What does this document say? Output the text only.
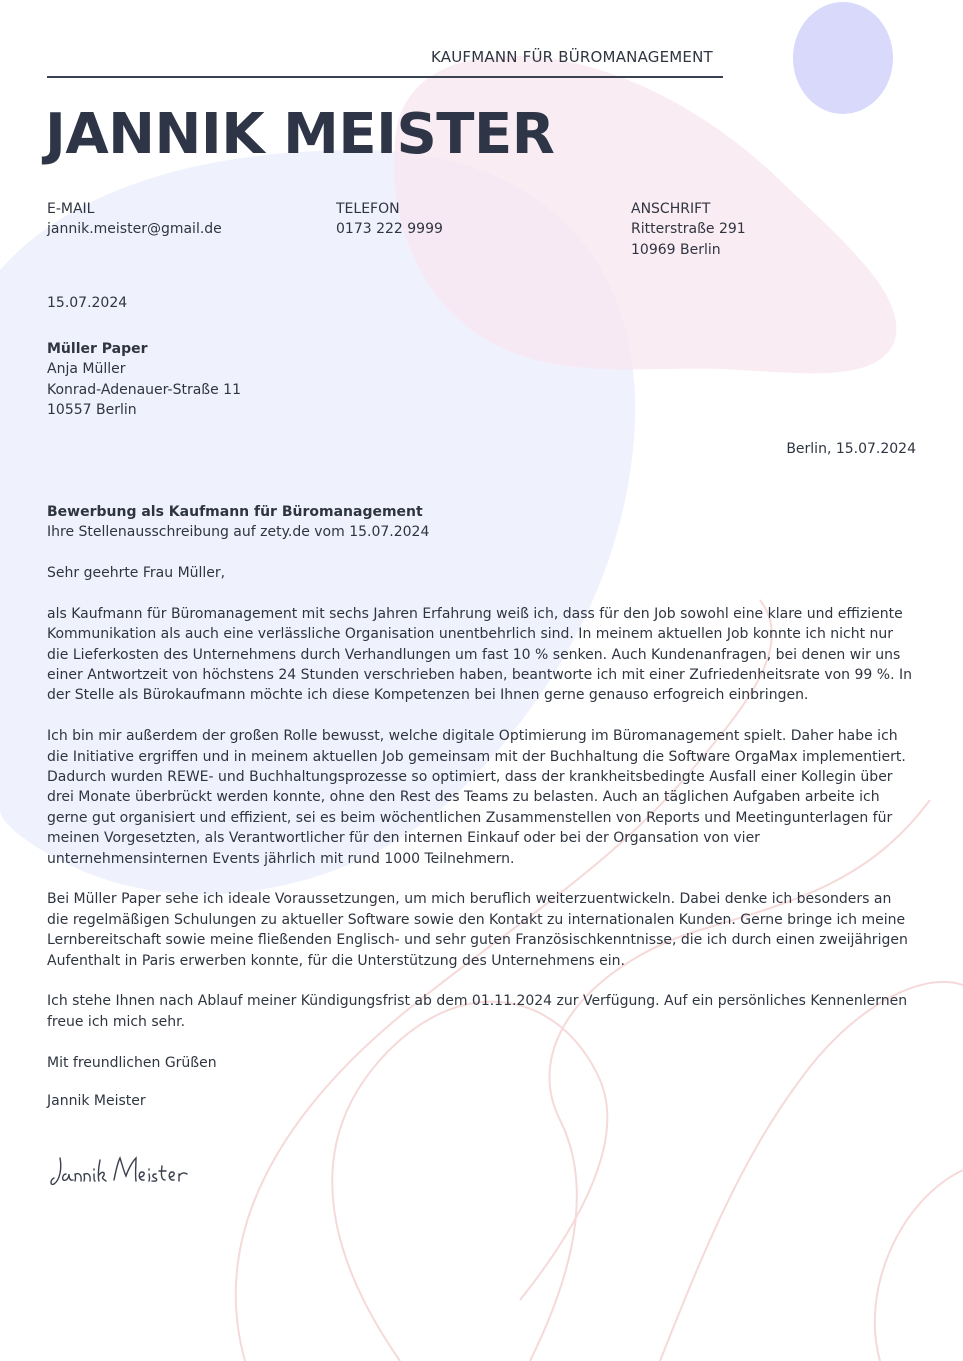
KAUFMANN FÜR BÜROMANAGEMENT
JANNIK MEISTER
E-MAIL
jannik.meister@gmail.de
TELEFON
0173 222 9999
ANSCHRIFT
Ritterstraße 291
10969 Berlin
15.07.2024
Müller Paper
Anja Müller
Konrad-Adenauer-Straße 11
10557 Berlin
Berlin, 15.07.2024
Bewerbung als Kaufmann für Büromanagement
Ihre Stellenausschreibung auf zety.de vom 15.07.2024

Sehr geehrte Frau Müller,

als Kaufmann für Büromanagement mit sechs Jahren Erfahrung weiß ich, dass für den Job sowohl eine klare und effiziente Kommunikation als auch eine verlässliche Organisation unentbehrlich sind. In meinem aktuellen Job konnte ich nicht nur die Lieferkosten des Unternehmens durch Verhandlungen um fast 10 % senken. Auch Kundenanfragen, bei denen wir uns einer Antwortzeit von höchstens 24 Stunden verschrieben haben, beantworte ich mit einer Zufriedenheitsrate von 99 %. In der Stelle als Bürokaufmann möchte ich diese Kompetenzen bei Ihnen gerne genauso erfogreich einbringen.

Ich bin mir außerdem der großen Rolle bewusst, welche digitale Optimierung im Büromanagement spielt. Daher habe ich die Initiative ergriffen und in meinem aktuellen Job gemeinsam mit der Buchhaltung die Software OrgaMax implementiert. Dadurch wurden REWE- und Buchhaltungsprozesse so optimiert, dass der krankheitsbedingte Ausfall einer Kollegin über drei Monate überbrückt werden konnte, ohne den Rest des Teams zu belasten. Auch an täglichen Aufgaben arbeite ich gerne gut organisiert und effizient, sei es beim wöchentlichen Zusammenstellen von Reports und Meetingunterlagen für meinen Vorgesetzten, als Verantwortlicher für den internen Einkauf oder bei der Organsation von vier unternehmensinternen Events jährlich mit rund 1000 Teilnehmern.

Bei Müller Paper sehe ich ideale Voraussetzungen, um mich beruflich weiterzuentwickeln. Dabei denke ich besonders an die regelmäßigen Schulungen zu aktueller Software sowie den Kontakt zu internationalen Kunden. Gerne bringe ich meine Lernbereitschaft sowie meine fließenden Englisch- und sehr guten Französischkenntnisse, die ich durch einen zweijährigen Aufenthalt in Paris erwerben konnte, für die Unterstützung des Unternehmens ein.

Ich stehe Ihnen nach Ablauf meiner Kündigungsfrist ab dem 01.11.2024 zur Verfügung. Auf ein persönliches Kennenlernen freue ich mich sehr.

Mit freundlichen Grüßen

Jannik Meister
